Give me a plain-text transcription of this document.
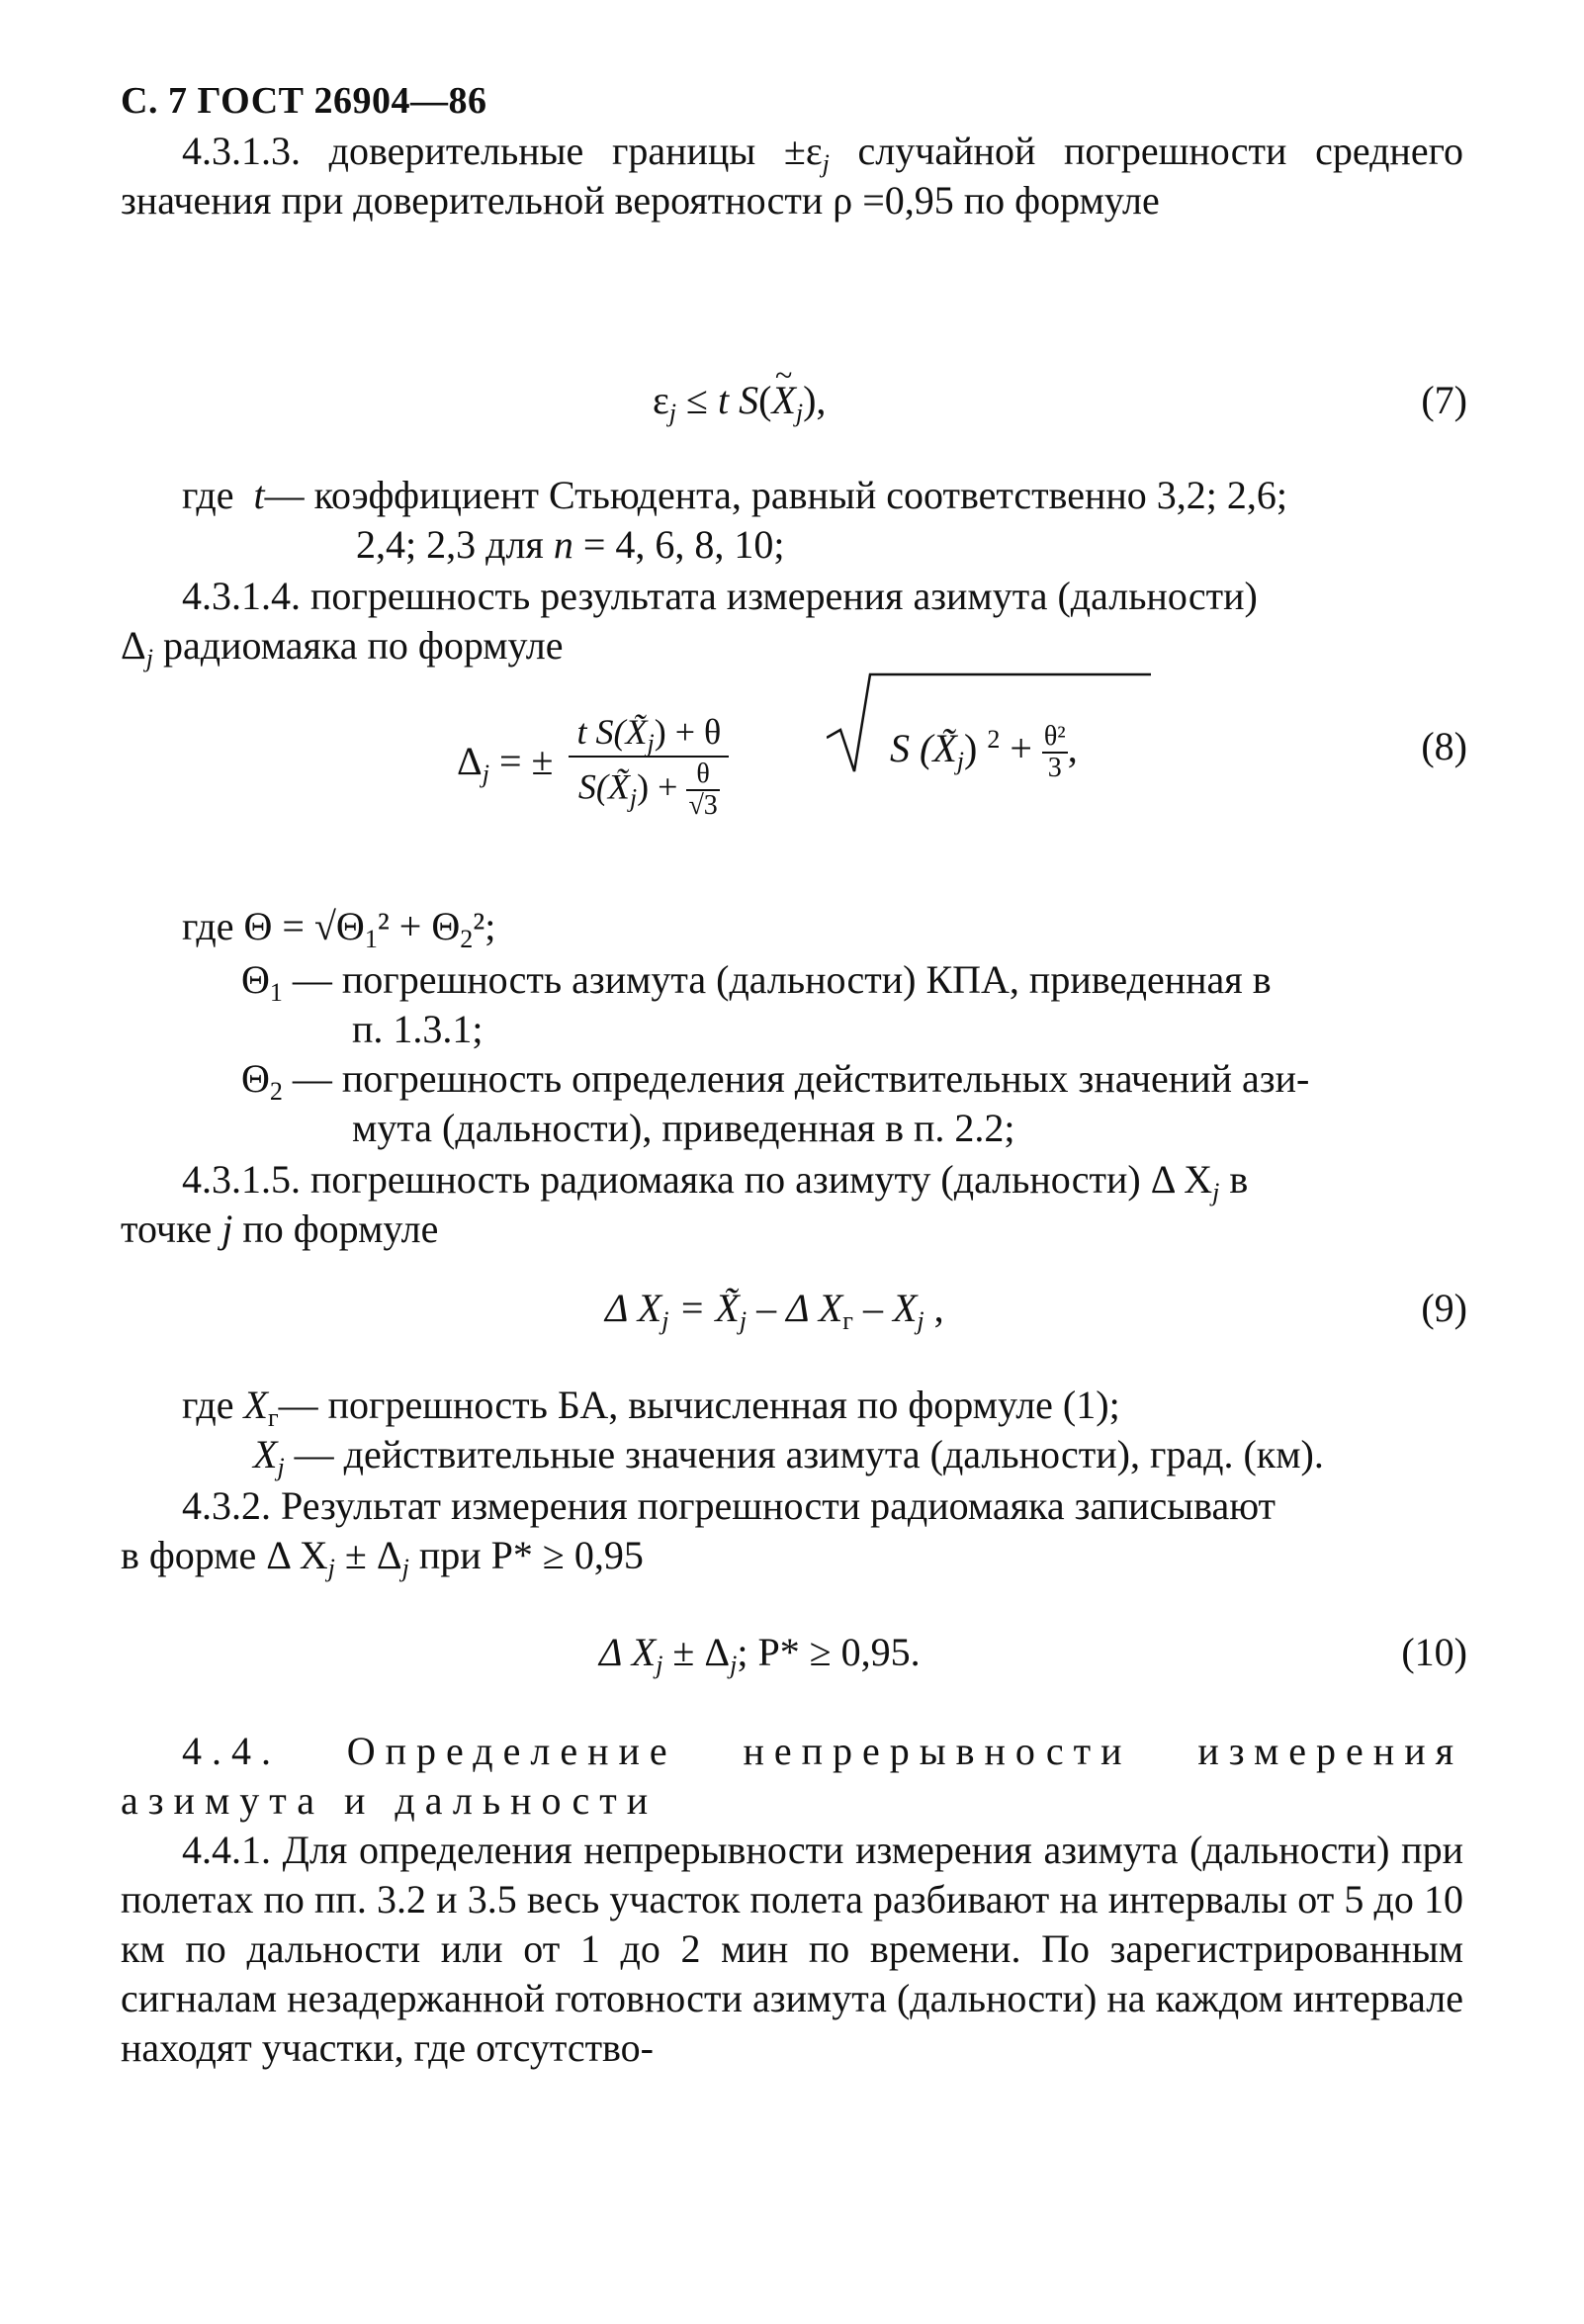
С. 7 ГОСТ 26904—86
4.3.1.3. доверительные границы $\pm\varepsilon_j$ случайной погрешности среднего значения при доверительной вероятности ρ =0,95 по формуле
$\varepsilon_j \le t$ S(~ $X_j$),	(7)
где t— коэффициент Стьюдента, равный соответственно 3,2; 2,6;
2,4; 2,3 для n = 4, 6, 8, 10;
4.3.1.4. погрешность результата измерения азимута (дальности)
$\Delta_j$ радиомаяка по формуле
$\Delta_j$ = ± $\frac{t S(X̃_j) + \theta}{S(X̃_j) + \frac{\theta}{√3}}$	S $(X̃_j) ^2 + \frac{\text{θ²}}{3}$ ,	(8)
где $\Theta = √\Theta_1^2 + \Theta_2^2$;
$\Theta_1$ — погрешность азимута (дальности) КПА, приведенная в
п. 1.3.1;
$\Theta_2$ — погрешность определения действительных значений ази-
мута (дальности), приведенная в п. 2.2;
4.3.1.5. погрешность радиомаяка по азимуту (дальности) Δ $X_j$ в
точке j по формуле
Δ $X_j$ = $X̃_j$ – Δ $X_г - X_j$ ,	(9)
где $X_г—$ погрешность БА, вычисленная по формуле (1);
$X_j$ — действительные значения азимута (дальности), град. (км).
4.3.2. Результат измерения погрешности радиомаяка записывают
в форме Δ $X_j \pm \Delta_j$ при P* ≥ 0,95
Δ $X_j \pm \Delta_j$; P* ≥ 0,95.	(10)
4.4. Определение непрерывности измерения азимута и дальности
4.4.1. Для определения непрерывности измерения азимута (дальности) при полетах по пп. 3.2 и 3.5 весь участок полета разбивают на интервалы от 5 до 10 км по дальности или от 1 до 2 мин по времени. По зарегистрированным сигналам незадержанной готовности азимута (дальности) на каждом интервале находят участки, где отсутство-
